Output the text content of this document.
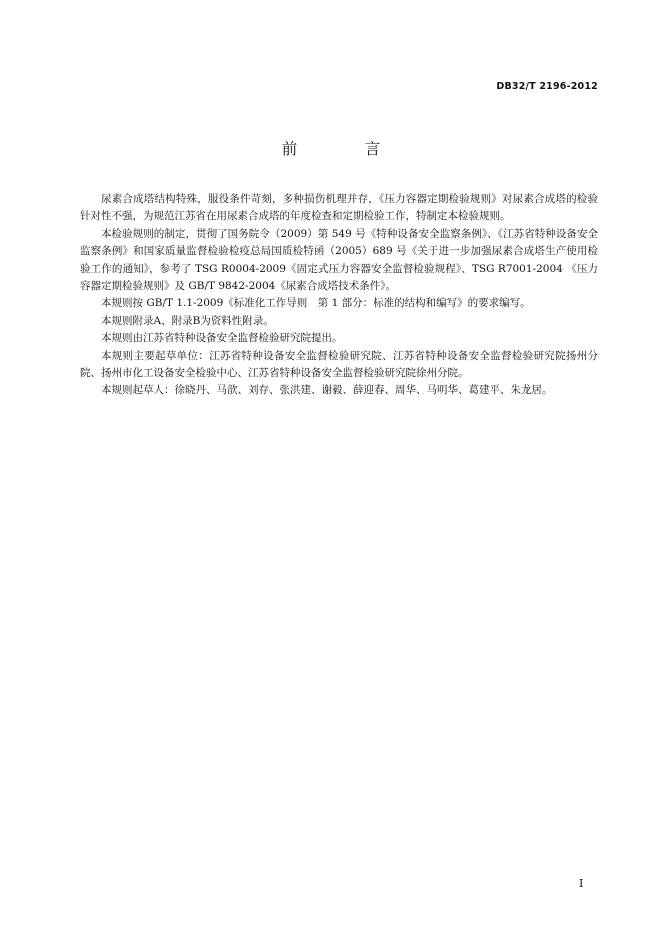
DB32/T 2196-2012
前　言

尿素合成塔结构特殊，服役条件苛刻，多种损伤机理并存，《压力容器定期检验规则》对尿素合成塔的检验针对性不强，为规范江苏省在用尿素合成塔的年度检查和定期检验工作，特制定本检验规则。

本检验规则的制定，贯彻了国务院令（2009）第 549 号《特种设备安全监察条例》、《江苏省特种设备安全监察条例》和国家质量监督检验检疫总局国质检特函（2005）689 号《关于进一步加强尿素合成塔生产使用检验工作的通知》，参考了 TSG R0004-2009《固定式压力容器安全监督检验规程》、TSG R7001-2004 《压力容器定期检验规则》及 GB/T 9842-2004《尿素合成塔技术条件》。

本规则按 GB/T 1.1-2009《标准化工作导则　第 1 部分：标准的结构和编写》的要求编写。

本规则附录A、附录B为资料性附录。

本规则由江苏省特种设备安全监督检验研究院提出。

本规则主要起草单位：江苏省特种设备安全监督检验研究院、江苏省特种设备安全监督检验研究院扬州分院、扬州市化工设备安全检验中心、江苏省特种设备安全监督检验研究院徐州分院。

本规则起草人：徐晓丹、马歆、刘存、张洪建、谢毅、薛迎春、周华、马明华、葛建平、朱龙居。

I
